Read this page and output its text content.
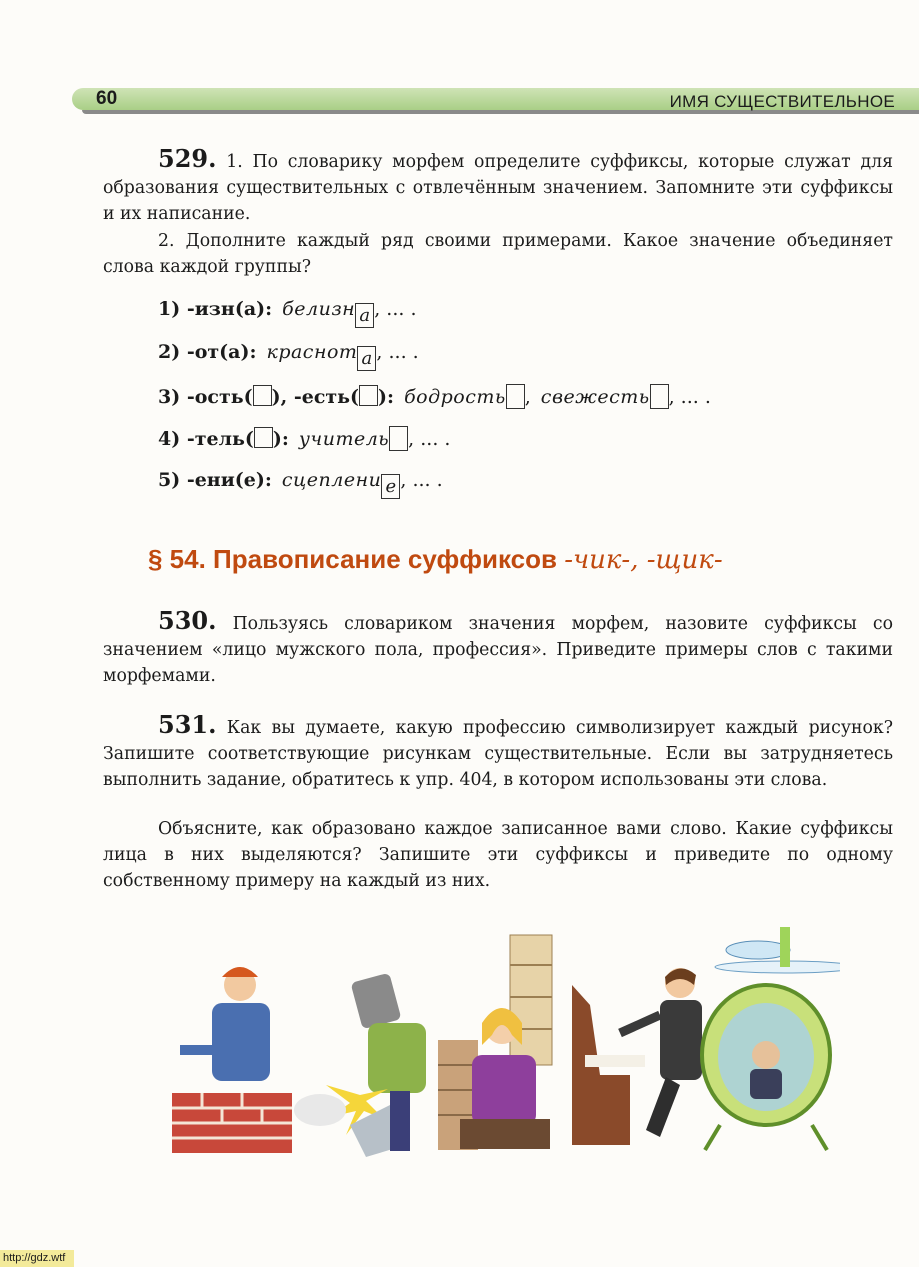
60	ИМЯ СУЩЕСТВИТЕЛЬНОЕ
529. 1. По словарику морфем определите суффиксы, которые служат для образования существительных с отвлечённым значением. Запомните эти суффиксы и их написание.
2. Дополните каждый ряд своими примерами. Какое значение объединяет слова каждой группы?
1) -изн(а): белизн а , ... .
2) -от(а): краснот а , ... .
3) -ость( ), -есть( ): бодрость , свежесть , ... .
4) -тель( ): учитель , ... .
5) -ени(е): сцеплени е , ... .
§ 54. Правописание суффиксов -чик-, -щик-
530. Пользуясь словариком значения морфем, назовите суффиксы со значением «лицо мужского пола, профессия». Приведите примеры слов с такими морфемами.
531. Как вы думаете, какую профессию символизирует каждый рисунок? Запишите соответствующие рисункам существительные. Если вы затрудняетесь выполнить задание, обратитесь к упр. 404, в котором использованы эти слова.
Объясните, как образовано каждое записанное вами слово. Какие суффиксы лица в них выделяются? Запишите эти суффиксы и приведите по одному собственному примеру на каждый из них.
http://gdz.wtf
